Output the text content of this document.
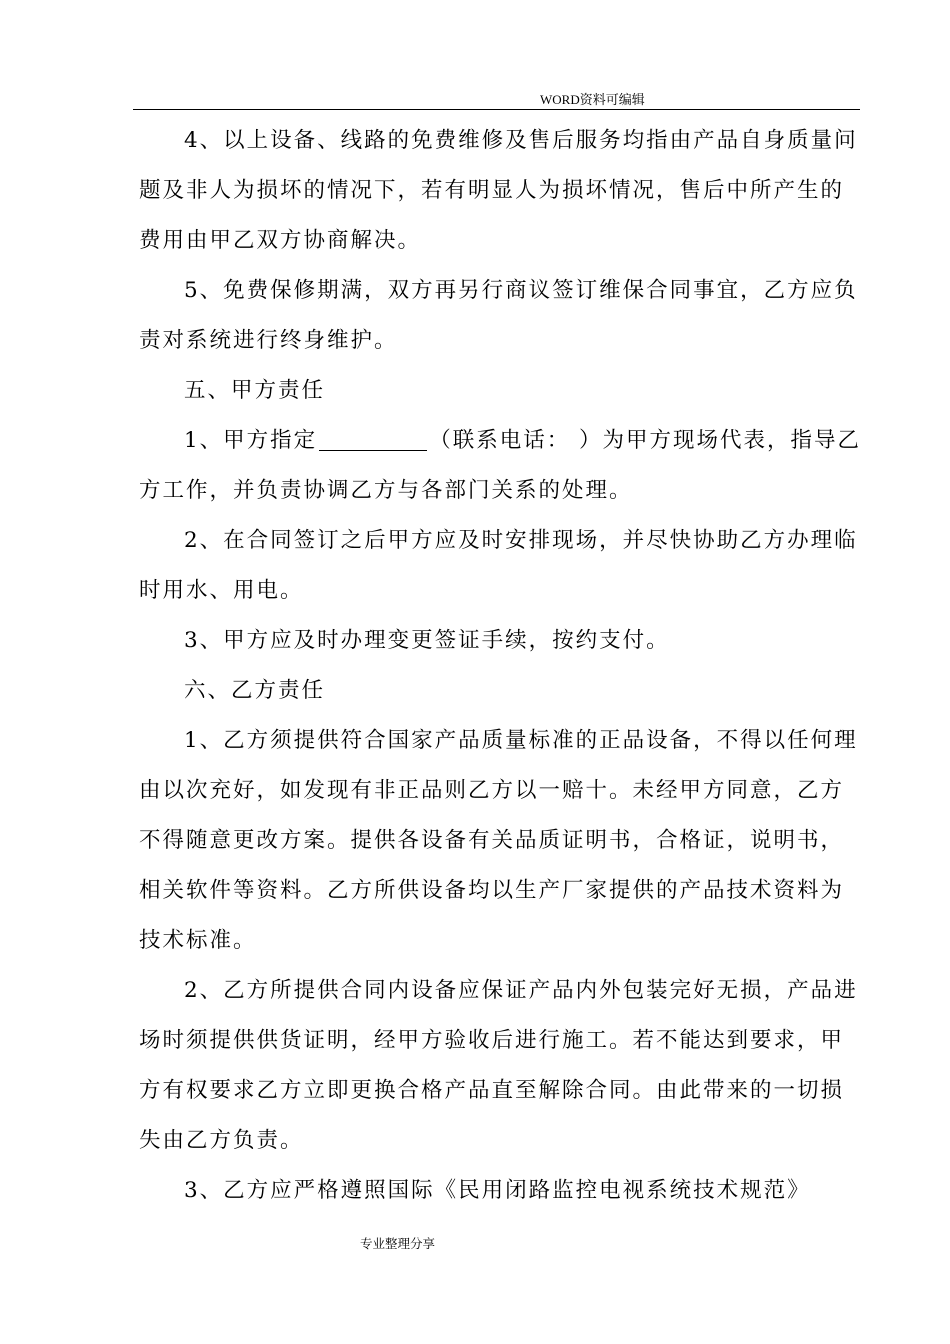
WORD资料可编辑

4、以上设备、线路的免费维修及售后服务均指由产品自身质量问

题及非人为损坏的情况下，若有明显人为损坏情况，售后中所产生的

费用由甲乙双方协商解决。

5、免费保修期满，双方再另行商议签订维保合同事宜，乙方应负

责对系统进行终身维护。

五、甲方责任

1、甲方指定	（联系电话： ）为甲方现场代表，指导乙

方工作，并负责协调乙方与各部门关系的处理。

2、在合同签订之后甲方应及时安排现场，并尽快协助乙方办理临

时用水、用电。

3、甲方应及时办理变更签证手续，按约支付。

六、乙方责任

1、乙方须提供符合国家产品质量标准的正品设备，不得以任何理

由以次充好，如发现有非正品则乙方以一赔十。未经甲方同意，乙方

不得随意更改方案。提供各设备有关品质证明书，合格证，说明书，

相关软件等资料。乙方所供设备均以生产厂家提供的产品技术资料为

技术标准。

2、乙方所提供合同内设备应保证产品内外包装完好无损，产品进

场时须提供供货证明，经甲方验收后进行施工。若不能达到要求，甲

方有权要求乙方立即更换合格产品直至解除合同。由此带来的一切损

失由乙方负责。

3、乙方应严格遵照国际《民用闭路监控电视系统技术规范》

专业整理分享
